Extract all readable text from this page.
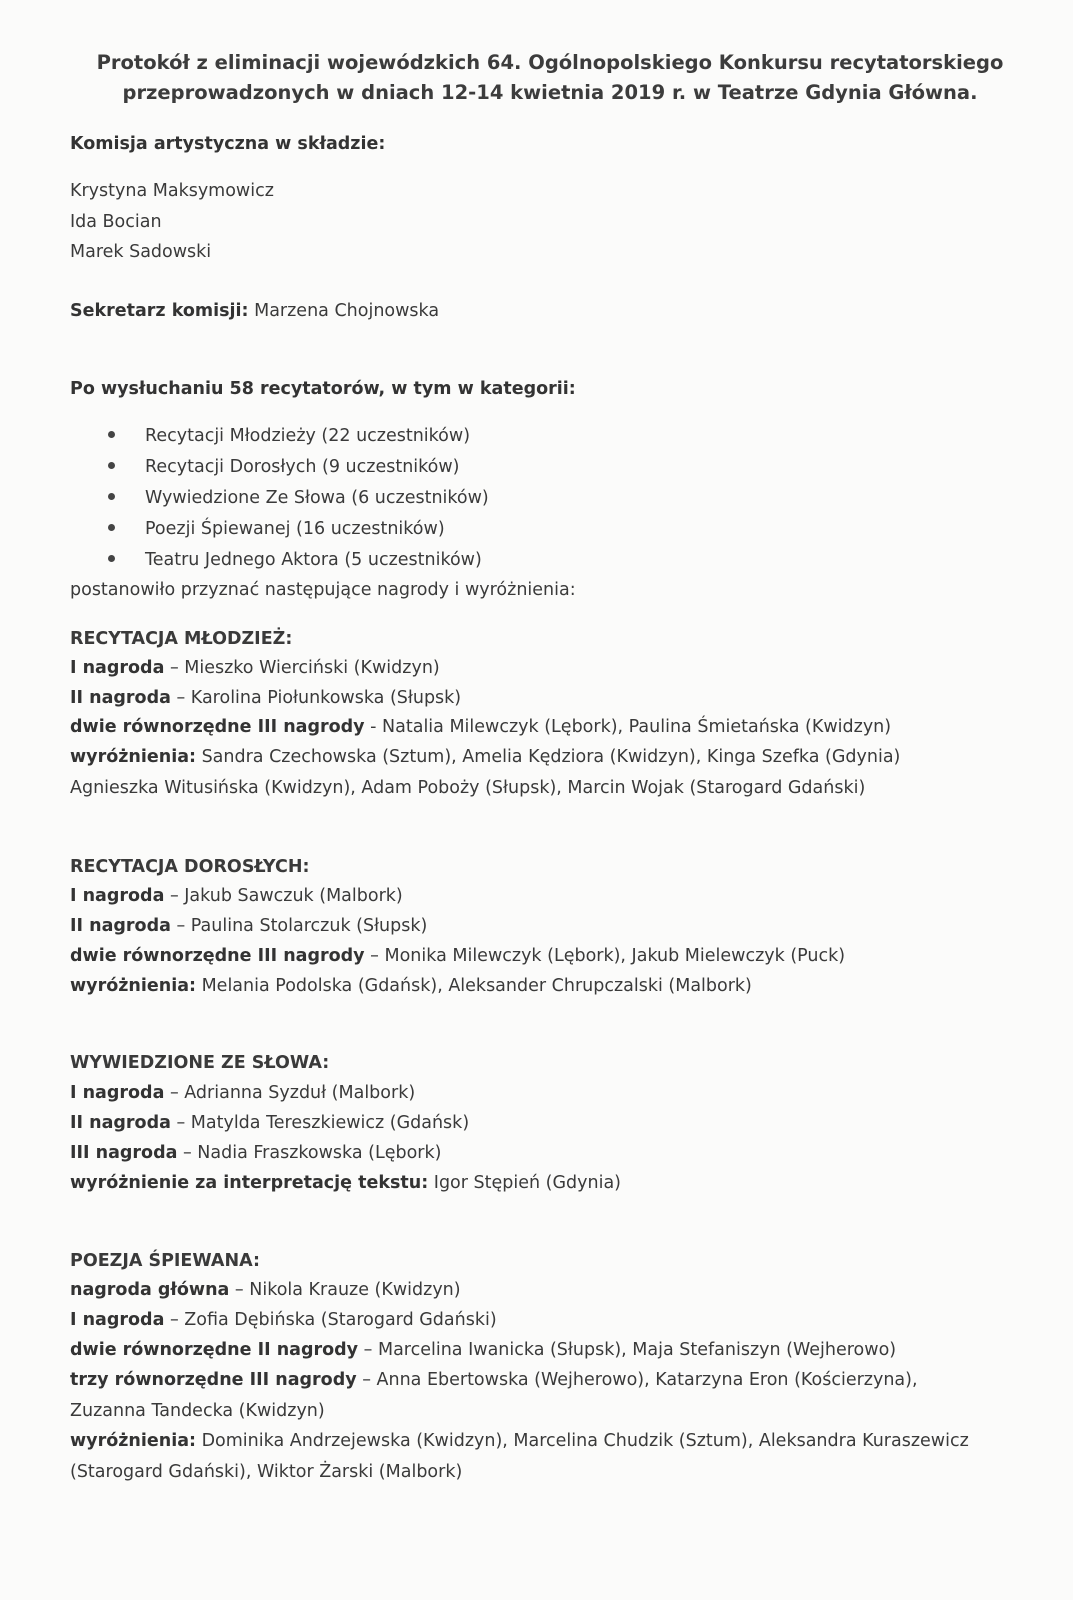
Protokół z eliminacji wojewódzkich 64. Ogólnopolskiego Konkursu recytatorskiego
przeprowadzonych w dniach 12-14 kwietnia 2019 r. w Teatrze Gdynia Główna.
Komisja artystyczna w składzie:
Krystyna Maksymowicz
Ida Bocian
Marek Sadowski
Sekretarz komisji: Marzena Chojnowska
Po wysłuchaniu 58 recytatorów, w tym w kategorii:
Recytacji Młodzieży (22 uczestników)
Recytacji Dorosłych (9 uczestników)
Wywiedzione Ze Słowa (6 uczestników)
Poezji Śpiewanej (16 uczestników)
Teatru Jednego Aktora (5 uczestników)
postanowiło przyznać następujące nagrody i wyróżnienia:
RECYTACJA MŁODZIEŻ:
I nagroda – Mieszko Wierciński (Kwidzyn)
II nagroda – Karolina Piołunkowska (Słupsk)
dwie równorzędne III nagrody - Natalia Milewczyk (Lębork), Paulina Śmietańska (Kwidzyn)
wyróżnienia: Sandra Czechowska (Sztum), Amelia Kędziora (Kwidzyn), Kinga Szefka (Gdynia)
Agnieszka Witusińska (Kwidzyn), Adam Poboży (Słupsk), Marcin Wojak (Starogard Gdański)
RECYTACJA DOROSŁYCH:
I nagroda – Jakub Sawczuk (Malbork)
II nagroda – Paulina Stolarczuk (Słupsk)
dwie równorzędne III nagrody – Monika Milewczyk (Lębork), Jakub Mielewczyk (Puck)
wyróżnienia: Melania Podolska (Gdańsk), Aleksander Chrupczalski (Malbork)
WYWIEDZIONE ZE SŁOWA:
I nagroda – Adrianna Syzduł (Malbork)
II nagroda – Matylda Tereszkiewicz (Gdańsk)
III nagroda – Nadia Fraszkowska (Lębork)
wyróżnienie za interpretację tekstu: Igor Stępień (Gdynia)
POEZJA ŚPIEWANA:
nagroda główna – Nikola Krauze (Kwidzyn)
I nagroda – Zofia Dębińska (Starogard Gdański)
dwie równorzędne II nagrody – Marcelina Iwanicka (Słupsk), Maja Stefaniszyn (Wejherowo)
trzy równorzędne III nagrody – Anna Ebertowska (Wejherowo), Katarzyna Eron (Kościerzyna),
Zuzanna Tandecka (Kwidzyn)
wyróżnienia: Dominika Andrzejewska (Kwidzyn), Marcelina Chudzik (Sztum), Aleksandra Kuraszewicz
(Starogard Gdański), Wiktor Żarski (Malbork)
